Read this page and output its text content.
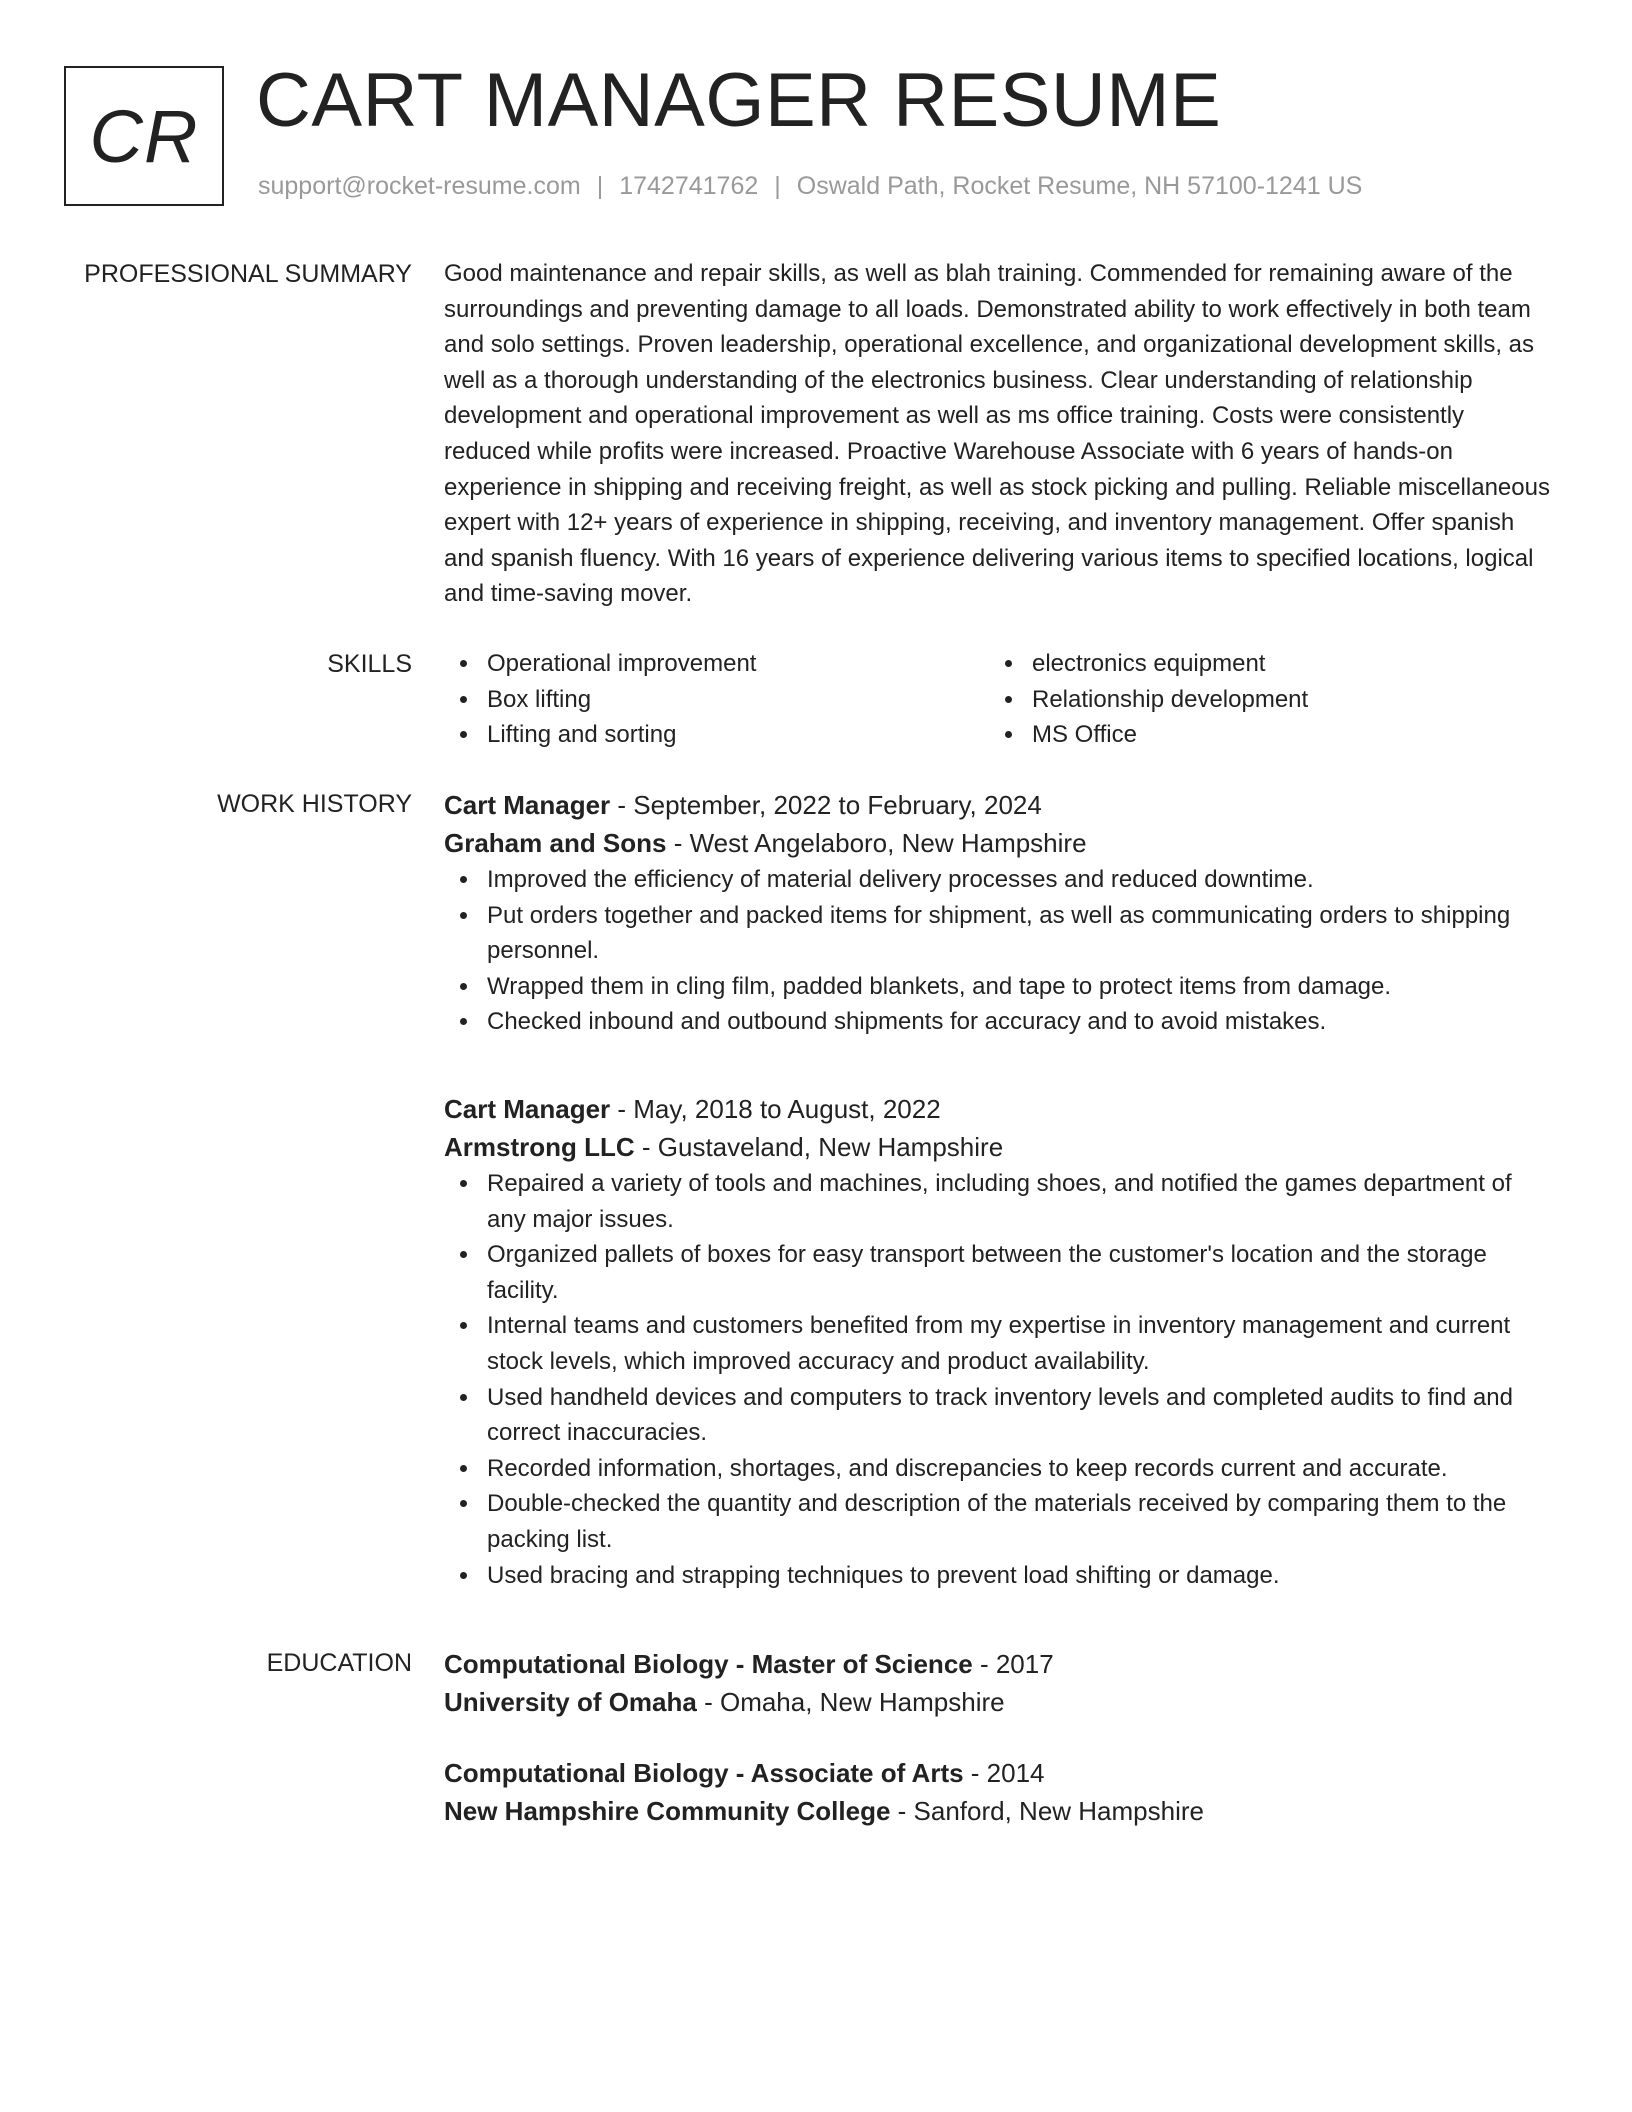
CR CART MANAGER RESUME
support@rocket-resume.com | 1742741762 | Oswald Path, Rocket Resume, NH 57100-1241 US
PROFESSIONAL SUMMARY Good maintenance and repair skills, as well as blah training. Commended for remaining aware of the surroundings and preventing damage to all loads. Demonstrated ability to work effectively in both team and solo settings. Proven leadership, operational excellence, and organizational development skills, as well as a thorough understanding of the electronics business. Clear understanding of relationship development and operational improvement as well as ms office training. Costs were consistently reduced while profits were increased. Proactive Warehouse Associate with 6 years of hands-on experience in shipping and receiving freight, as well as stock picking and pulling. Reliable miscellaneous expert with 12+ years of experience in shipping, receiving, and inventory management. Offer spanish and spanish fluency. With 16 years of experience delivering various items to specified locations, logical and time-saving mover.

SKILLS	Operational improvement
Box lifting
Lifting and sorting
electronics equipment
Relationship development
MS Office
WORK HISTORY Cart Manager - September, 2022 to February, 2024
Graham and Sons - West Angelaboro, New Hampshire
Improved the efficiency of material delivery processes and reduced downtime.
Put orders together and packed items for shipment, as well as communicating orders to shipping personnel.
Wrapped them in cling film, padded blankets, and tape to protect items from damage.
Checked inbound and outbound shipments for accuracy and to avoid mistakes.
Cart Manager - May, 2018 to August, 2022
Armstrong LLC - Gustaveland, New Hampshire
Repaired a variety of tools and machines, including shoes, and notified the games department of any major issues.
Organized pallets of boxes for easy transport between the customer's location and the storage facility.
Internal teams and customers benefited from my expertise in inventory management and current stock levels, which improved accuracy and product availability.
Used handheld devices and computers to track inventory levels and completed audits to find and correct inaccuracies.
Recorded information, shortages, and discrepancies to keep records current and accurate.
Double-checked the quantity and description of the materials received by comparing them to the packing list.
Used bracing and strapping techniques to prevent load shifting or damage.
EDUCATION Computational Biology - Master of Science - 2017
University of Omaha - Omaha, New Hampshire
Computational Biology - Associate of Arts - 2014
New Hampshire Community College - Sanford, New Hampshire
